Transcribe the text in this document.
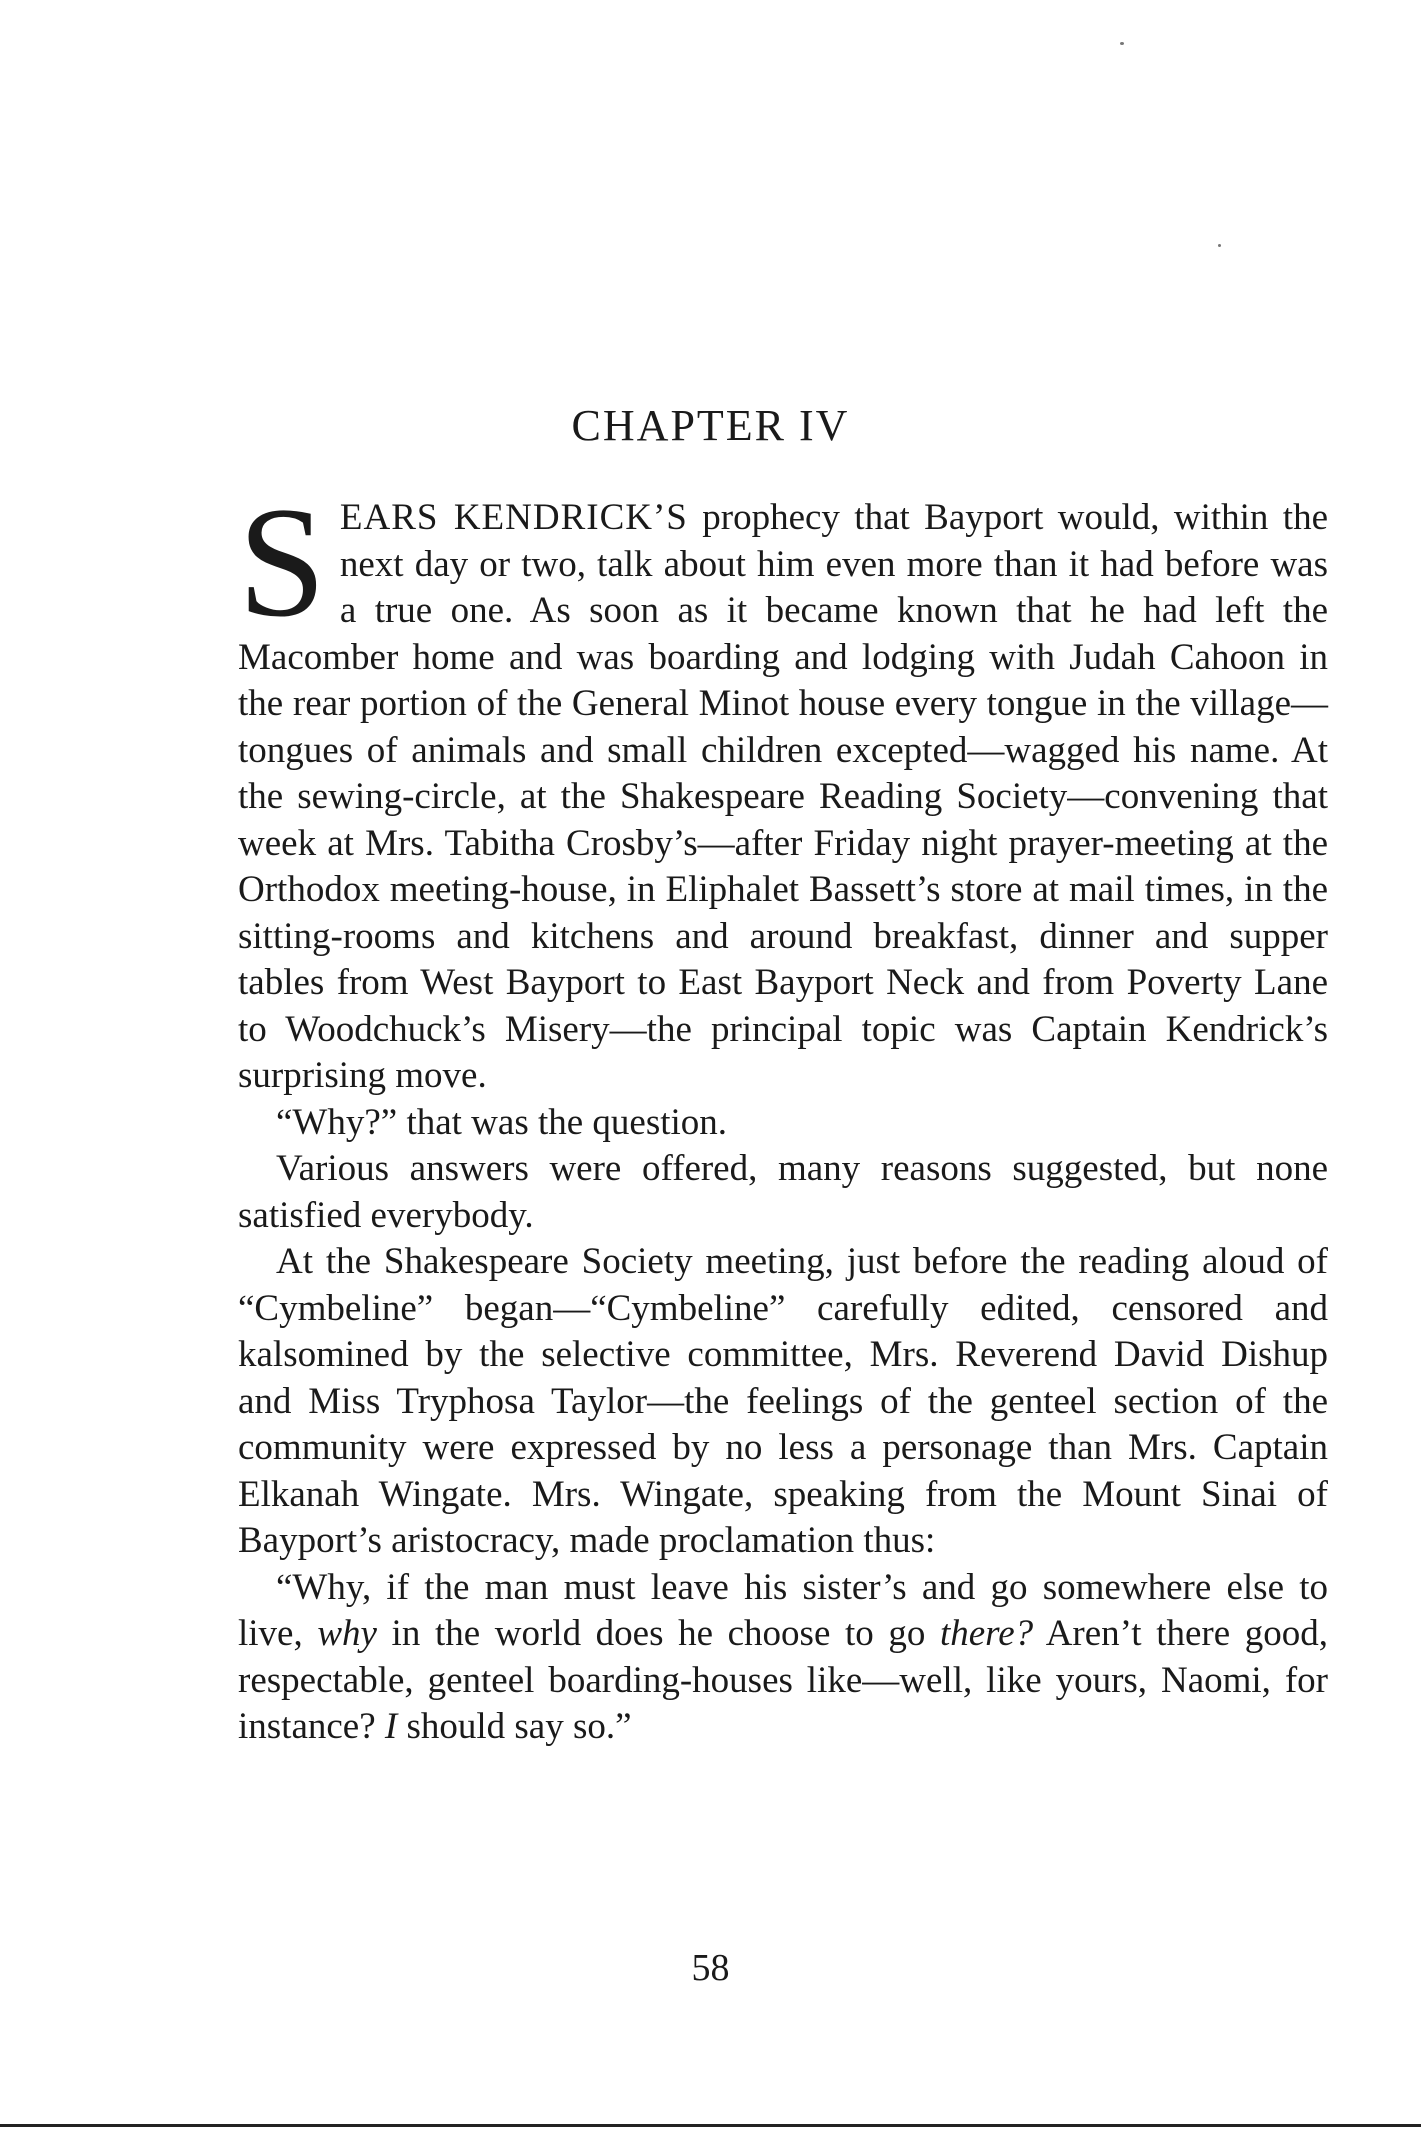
CHAPTER IV

SEARS KENDRICK’S prophecy that Bayport would, within the next day or two, talk about him even more than it had before was a true one. As soon as it became known that he had left the Macomber home and was boarding and lodging with Judah Cahoon in the rear portion of the General Minot house every tongue in the village—tongues of animals and small children excepted—wagged his name. At the sewing-circle, at the Shakespeare Reading Society—convening that week at Mrs. Tabitha Crosby’s—after Friday night prayer-meeting at the Orthodox meeting-house, in Eliphalet Bassett’s store at mail times, in the sitting-rooms and kitchens and around breakfast, dinner and supper tables from West Bayport to East Bayport Neck and from Poverty Lane to Woodchuck’s Misery—the principal topic was Captain Kendrick’s surprising move.

“Why?” that was the question.

Various answers were offered, many reasons suggested, but none satisfied everybody.

At the Shakespeare Society meeting, just before the reading aloud of “Cymbeline” began—“Cymbeline” carefully edited, censored and kalsomined by the selective committee, Mrs. Reverend David Dishup and Miss Tryphosa Taylor—the feelings of the genteel section of the community were expressed by no less a personage than Mrs. Captain Elkanah Wingate. Mrs. Wingate, speaking from the Mount Sinai of Bayport’s aristocracy, made proclamation thus:

“Why, if the man must leave his sister’s and go somewhere else to live, why in the world does he choose to go there? Aren’t there good, respectable, genteel boarding-houses like—well, like yours, Naomi, for instance? I should say so.”

58
